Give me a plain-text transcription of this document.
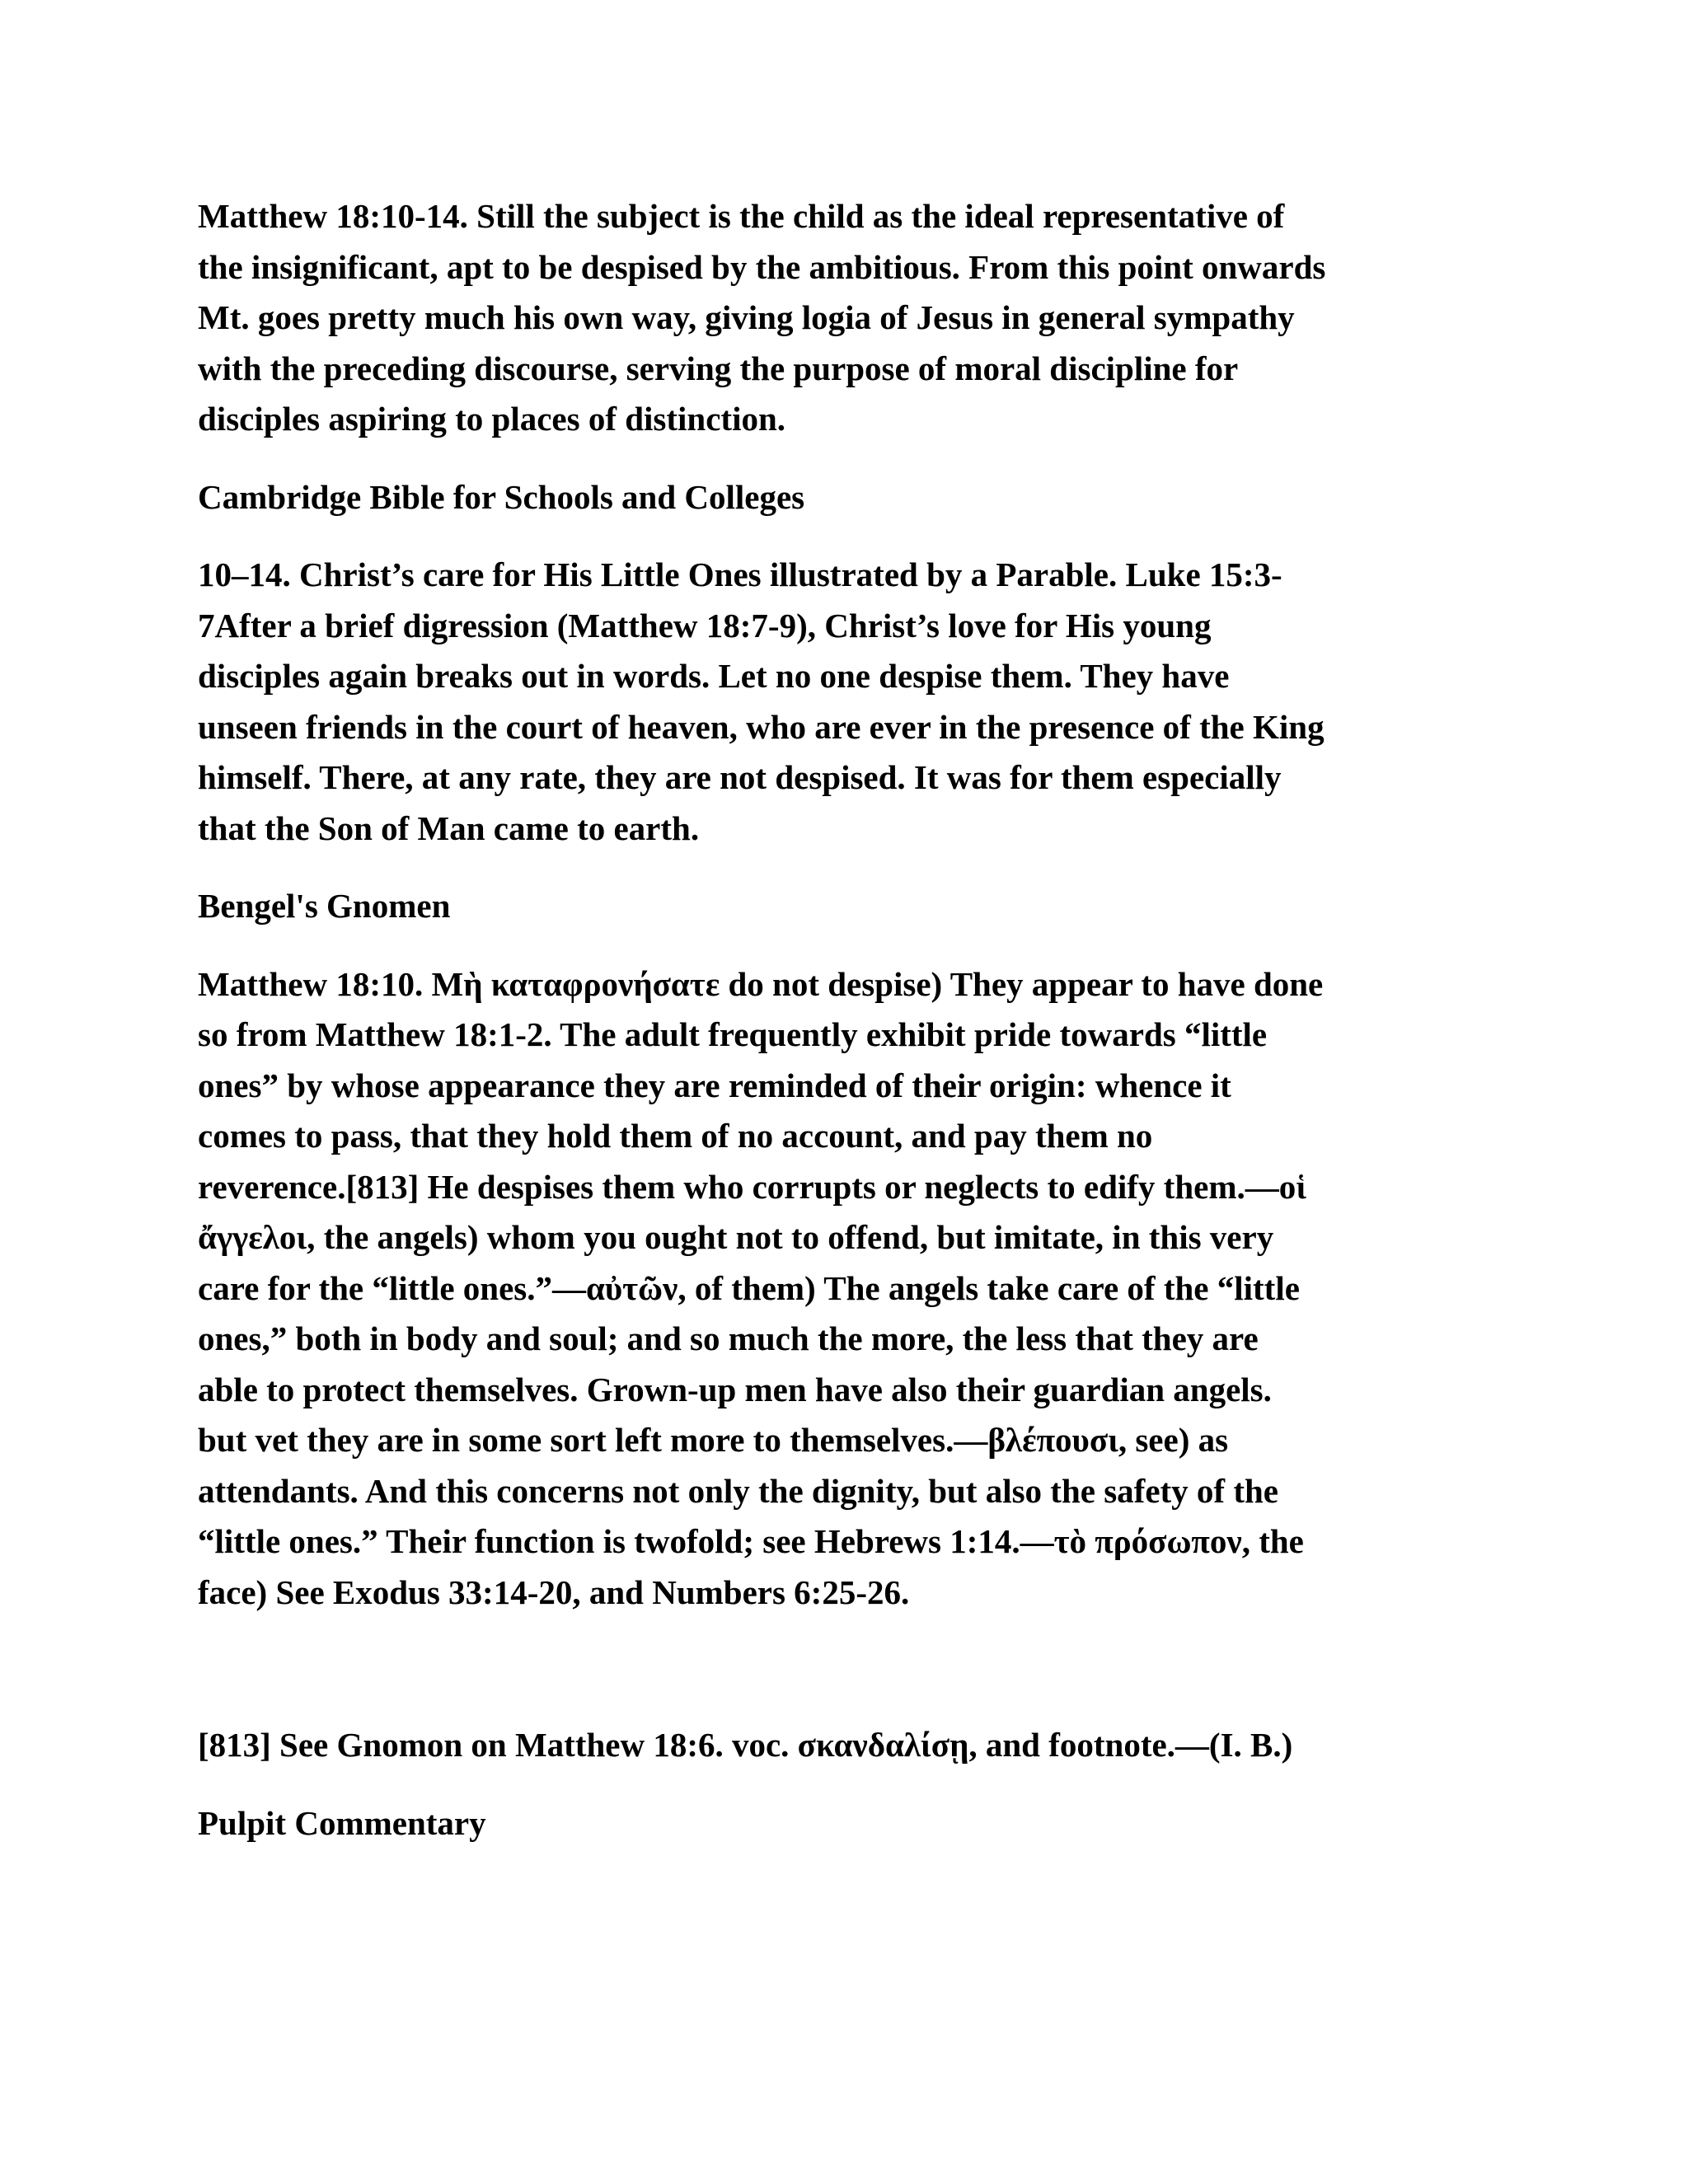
Matthew 18:10-14. Still the subject is the child as the ideal representative of
the insignificant, apt to be despised by the ambitious. From this point onwards
Mt. goes pretty much his own way, giving logia of Jesus in general sympathy
with the preceding discourse, serving the purpose of moral discipline for
disciples aspiring to places of distinction.
Cambridge Bible for Schools and Colleges
10–14. Christ’s care for His Little Ones illustrated by a Parable. Luke 15:3-
7After a brief digression (Matthew 18:7-9), Christ’s love for His young
disciples again breaks out in words. Let no one despise them. They have
unseen friends in the court of heaven, who are ever in the presence of the King
himself. There, at any rate, they are not despised. It was for them especially
that the Son of Man came to earth.
Bengel's Gnomen
Matthew 18:10. Μὴ καταφρονήσατε do not despise) They appear to have done
so from Matthew 18:1-2. The adult frequently exhibit pride towards “little
ones” by whose appearance they are reminded of their origin: whence it
comes to pass, that they hold them of no account, and pay them no
reverence.[813] He despises them who corrupts or neglects to edify them.—οἱ
ἄγγελοι, the angels) whom you ought not to offend, but imitate, in this very
care for the “little ones.”—αὐτῶν, of them) The angels take care of the “little
ones,” both in body and soul; and so much the more, the less that they are
able to protect themselves. Grown-up men have also their guardian angels.
but vet they are in some sort left more to themselves.—βλέπουσι, see) as
attendants. And this concerns not only the dignity, but also the safety of the
“little ones.” Their function is twofold; see Hebrews 1:14.—τὸ πρόσωπον, the
face) See Exodus 33:14-20, and Numbers 6:25-26.
[813] See Gnomon on Matthew 18:6. voc. σκανδαλίσῃ, and footnote.—(I. B.)
Pulpit Commentary
